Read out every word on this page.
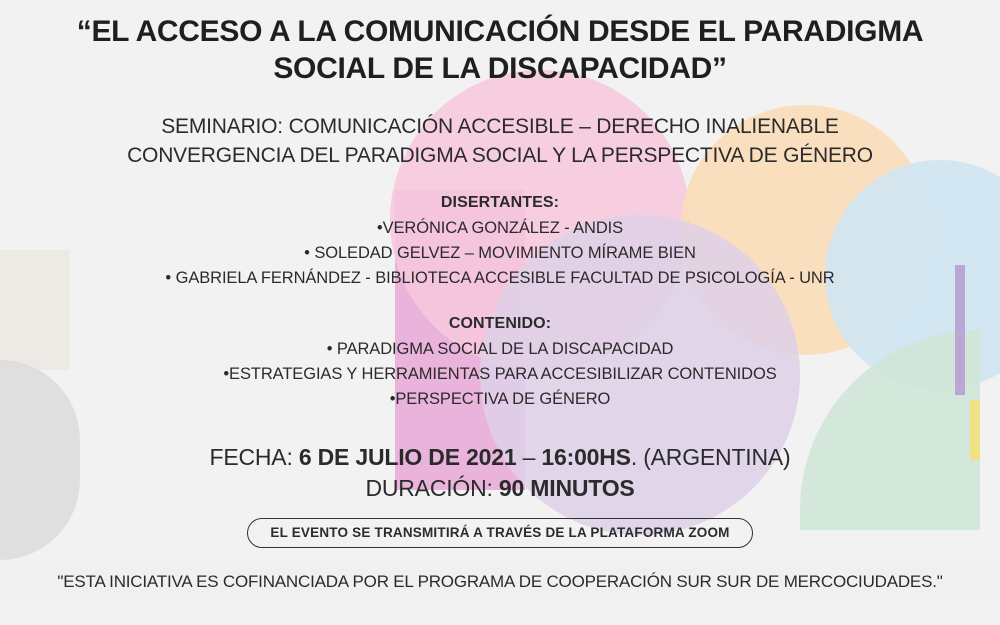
“EL ACCESO A LA COMUNICACIÓN DESDE EL PARADIGMA
SOCIAL DE LA DISCAPACIDAD”
SEMINARIO: COMUNICACIÓN ACCESIBLE – DERECHO INALIENABLE
CONVERGENCIA DEL PARADIGMA SOCIAL Y LA PERSPECTIVA DE GÉNERO
DISERTANTES:
•VERÓNICA GONZÁLEZ - ANDIS
• SOLEDAD GELVEZ – MOVIMIENTO MÍRAME BIEN
• GABRIELA FERNÁNDEZ - BIBLIOTECA ACCESIBLE FACULTAD DE PSICOLOGÍA - UNR
CONTENIDO:
• PARADIGMA SOCIAL DE LA DISCAPACIDAD
•ESTRATEGIAS Y HERRAMIENTAS PARA ACCESIBILIZAR CONTENIDOS
•PERSPECTIVA DE GÉNERO
FECHA: 6 DE JULIO DE 2021 – 16:00HS. (ARGENTINA)
DURACIÓN: 90 MINUTOS
EL EVENTO SE TRANSMITIRÁ A TRAVÉS DE LA PLATAFORMA ZOOM
"ESTA INICIATIVA ES COFINANCIADA POR EL PROGRAMA DE COOPERACIÓN SUR SUR DE MERCOCIUDADES."
